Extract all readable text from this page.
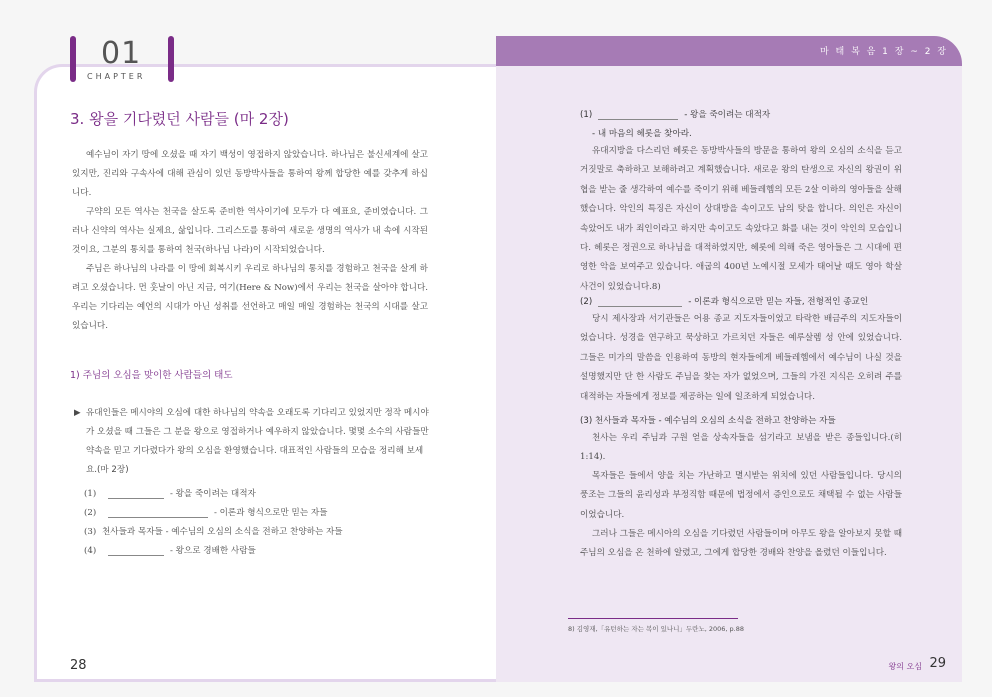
01
CHAPTER
3. 왕을 기다렸던 사람들 (마 2장)
예수님이 자기 땅에 오셨을 때 자기 백성이 영접하지 않았습니다. 하나님은 불신세계에 살고 있지만, 진리와 구속사에 대해 관심이 있던 동방박사들을 통하여 왕께 합당한 예를 갖추게 하십니다.
구약의 모든 역사는 천국을 살도록 준비한 역사이기에 모두가 다 예표요, 준비였습니다. 그러나 신약의 역사는 실제요, 삶입니다. 그리스도를 통하여 새로운 생명의 역사가 내 속에 시작된 것이요, 그분의 통치를 통하여 천국(하나님 나라)이 시작되었습니다.
주님은 하나님의 나라를 이 땅에 회복시키 우리로 하나님의 통치를 경험하고 천국을 살게 하려고 오셨습니다. 먼 훗날이 아닌 지금, 여기(Here & Now)에서 우리는 천국을 살아야 합니다. 우리는 기다리는 예언의 시대가 아닌 성취를 선언하고 매일 매일 경험하는 천국의 시대를 살고 있습니다.
1) 주님의 오심을 맞이한 사람들의 태도
▶ 유대인들은 메시야의 오심에 대한 하나님의 약속을 오래도록 기다리고 있었지만 정작 메시야가 오셨을 때 그들은 그 분을 왕으로 영접하거나 예우하지 않았습니다. 몇몇 소수의 사람들만 약속을 믿고 기다렸다가 왕의 오심을 환영했습니다. 대표적인 사람들의 모습을 정리해 보세요.(마 2장)
(1)	- 왕을 죽이려는 대적자
(2)	- 이론과 형식으로만 믿는 자들
(3) 천사들과 목자들 - 예수님의 오심의 소식을 전하고 찬양하는 자들
(4)	- 왕으로 경배한 사람들
28
마 태 복 음 1 장 ~ 2 장
(1)	- 왕을 죽이려는 대적자
- 내 마음의 헤롯을 찾아라.
유대지방을 다스리던 헤롯은 동방박사들의 방문을 통하여 왕의 오심의 소식을 듣고 거짓말로 축하하고 보해하려고 계획했습니다. 새로운 왕의 탄생으로 자신의 왕권이 위협을 받는 줄 생각하여 예수를 죽이기 위해 베들레헴의 모든 2살 이하의 영아들을 살해했습니다. 악인의 특징은 자신이 상대방을 속이고도 남의 탓을 합니다. 의인은 자신이 속았어도 내가 죄인이라고 하지만 속이고도 속았다고 화를 내는 것이 악인의 모습입니다. 헤롯은 정권으로 하나님을 대적하였지만, 헤롯에 의해 죽은 영아들은 그 시대에 편영한 악을 보여주고 있습니다. 애굽의 400년 노예시절 모세가 태어날 때도 영아 학살 사건이 있었습니다.8)
(2)	- 이론과 형식으로만 믿는 자들, 전형적인 종교인
당시 제사장과 서기관들은 어용 종교 지도자들이었고 타락한 배금주의 지도자들이었습니다. 성경을 연구하고 묵상하고 가르치던 자들은 예루살렘 성 안에 있었습니다. 그들은 미가의 말씀을 인용하여 동방의 현자들에게 베들레헴에서 예수님이 나실 것을 설명했지만 단 한 사람도 주님을 찾는 자가 없었으며, 그들의 가진 지식은 오히려 주를 대적하는 자들에게 정보를 제공하는 일에 일조하게 되었습니다.
(3) 천사들과 목자들 - 예수님의 오심의 소식을 전하고 찬양하는 자들
천사는 우리 주님과 구원 얻을 상속자들을 섬기라고 보냄을 받은 종들입니다.(히 1:14).
목자들은 들에서 양을 치는 가난하고 멸시받는 위치에 있던 사람들입니다. 당시의 풍조는 그들의 윤리성과 부정직함 때문에 법정에서 증인으로도 채택될 수 없는 사람들이었습니다.
그러나 그들은 메시아의 오심을 기다렸던 사람들이며 아무도 왕을 알아보지 못할 때 주님의 오심을 온 천하에 알렸고, 그에게 합당한 경배와 찬양을 올렸던 이들입니다.
8) 김영재,「유턴하는 자는 복이 있나니」두란노, 2006, p.88
왕의 오심 29
